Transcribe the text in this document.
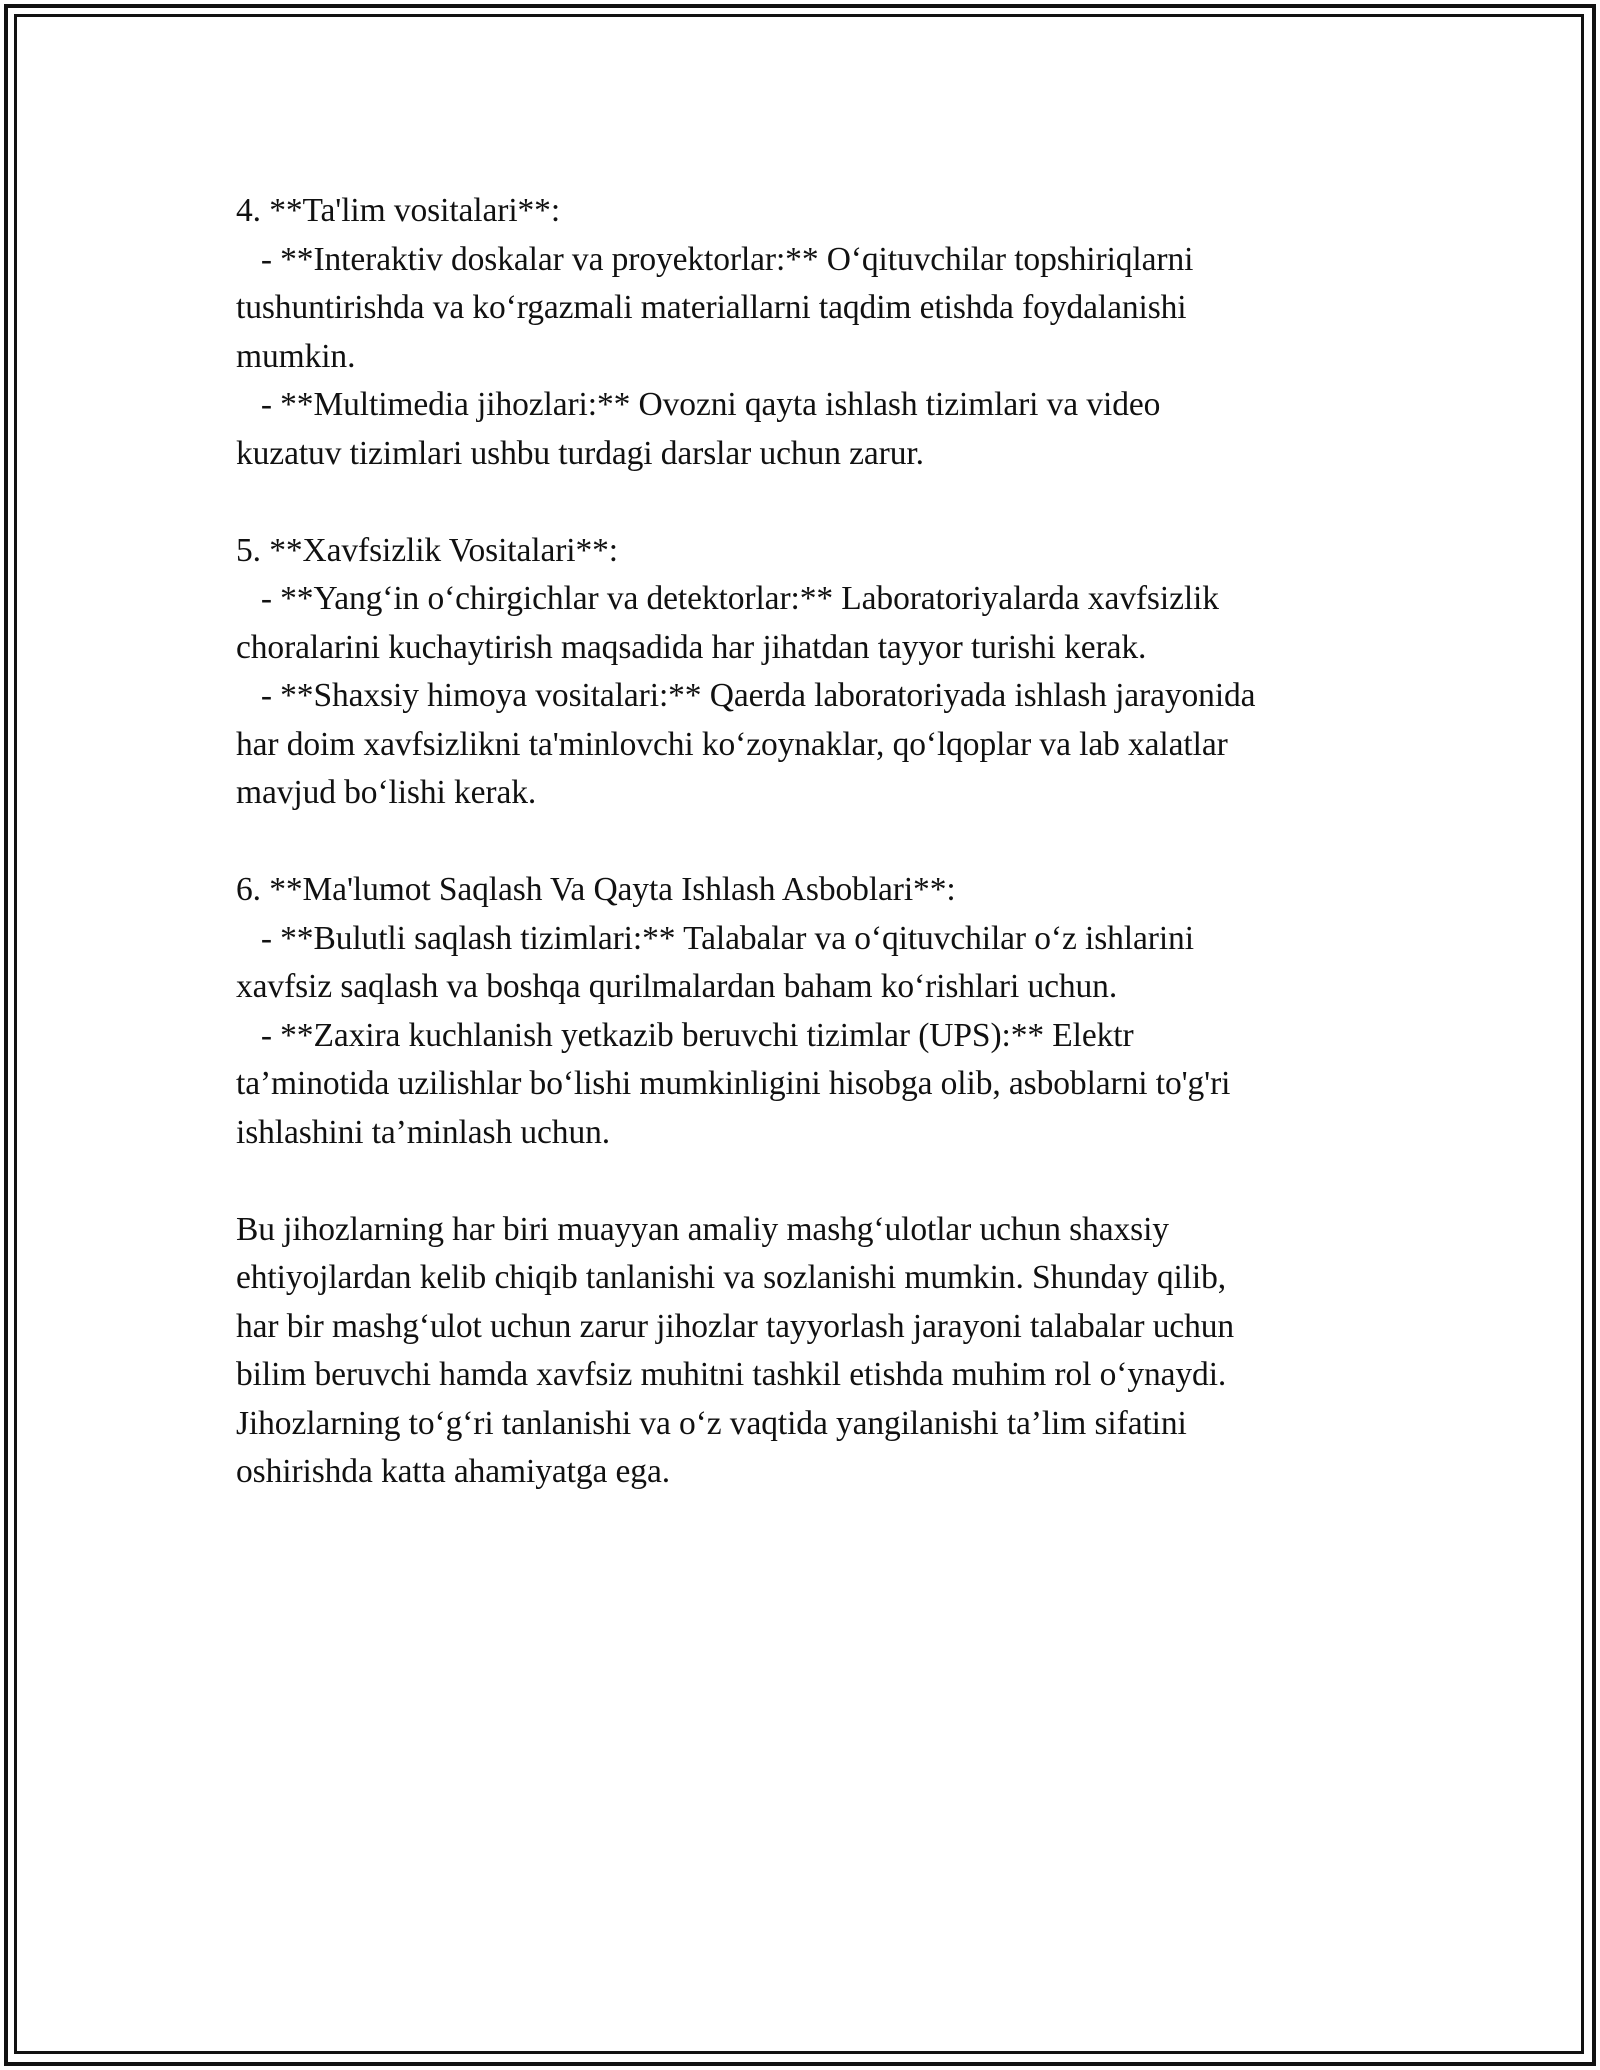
4. **Ta'lim vositalari**:
- **Interaktiv doskalar va proyektorlar:** O‘qituvchilar topshiriqlarni
tushuntirishda va ko‘rgazmali materiallarni taqdim etishda foydalanishi
mumkin.
- **Multimedia jihozlari:** Ovozni qayta ishlash tizimlari va video
kuzatuv tizimlari ushbu turdagi darslar uchun zarur.
5. **Xavfsizlik Vositalari**:
- **Yang‘in o‘chirgichlar va detektorlar:** Laboratoriyalarda xavfsizlik
choralarini kuchaytirish maqsadida har jihatdan tayyor turishi kerak.
- **Shaxsiy himoya vositalari:** Qaerda laboratoriyada ishlash jarayonida
har doim xavfsizlikni ta'minlovchi ko‘zoynaklar, qo‘lqoplar va lab xalatlar
mavjud bo‘lishi kerak.
6. **Ma'lumot Saqlash Va Qayta Ishlash Asboblari**:
- **Bulutli saqlash tizimlari:** Talabalar va o‘qituvchilar o‘z ishlarini
xavfsiz saqlash va boshqa qurilmalardan baham ko‘rishlari uchun.
- **Zaxira kuchlanish yetkazib beruvchi tizimlar (UPS):** Elektr
ta’minotida uzilishlar bo‘lishi mumkinligini hisobga olib, asboblarni to'g'ri
ishlashini ta’minlash uchun.
Bu jihozlarning har biri muayyan amaliy mashg‘ulotlar uchun shaxsiy
ehtiyojlardan kelib chiqib tanlanishi va sozlanishi mumkin. Shunday qilib,
har bir mashg‘ulot uchun zarur jihozlar tayyorlash jarayoni talabalar uchun
bilim beruvchi hamda xavfsiz muhitni tashkil etishda muhim rol o‘ynaydi.
Jihozlarning to‘g‘ri tanlanishi va o‘z vaqtida yangilanishi ta’lim sifatini
oshirishda katta ahamiyatga ega.
